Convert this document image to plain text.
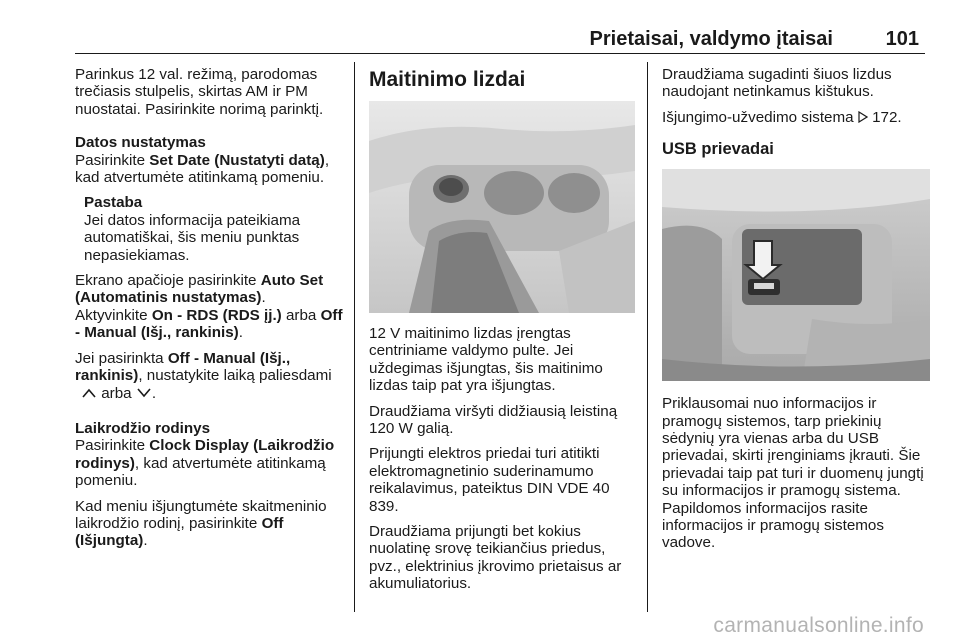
Prietaisai, valdymo įtaisai	101

Parinkus 12 val. režimą, parodomas trečiasis stulpelis, skirtas AM ir PM nuostatai. Pasirinkite norimą parinktį.

Datos nustatymas

Pasirinkite Set Date (Nustatyti datą), kad atvertumėte atitinkamą pomeniu.

Pastaba
Jei datos informacija pateikiama automatiškai, šis meniu punktas nepasiekiamas.

Ekrano apačioje pasirinkite Auto Set (Automatinis nustatymas).

Aktyvinkite On - RDS (RDS įj.) arba Off - Manual (Išj., rankinis).

Jei pasirinkta Off - Manual (Išj., rankinis), nustatykite laiką paliesdami
arba .

Laikrodžio rodinys

Pasirinkite Clock Display (Laikrodžio rodinys), kad atvertumėte atitinkamą pomeniu.

Kad meniu išjungtumėte skaitmeninio laikrodžio rodinį, pasirinkite Off (Išjungta).

Maitinimo lizdai

12 V maitinimo lizdas įrengtas centriniame valdymo pulte. Jei uždegimas išjungtas, šis maitinimo lizdas taip pat yra išjungtas.

Draudžiama viršyti didžiausią leistiną 120 W galią.

Prijungti elektros priedai turi atitikti elektromagnetinio suderinamumo reikalavimus, pateiktus DIN VDE 40 839.

Draudžiama prijungti bet kokius nuolatinę srovę teikiančius priedus, pvz., elektrinius įkrovimo prietaisus ar akumuliatorius.

Draudžiama sugadinti šiuos lizdus naudojant netinkamus kištukus.

Išjungimo-užvedimo sistema 172.

USB prievadai

Priklausomai nuo informacijos ir pramogų sistemos, tarp priekinių sėdynių yra vienas arba du USB prievadai, skirti įrenginiams įkrauti. Šie prievadai taip pat turi ir duomenų jungtį su informacijos ir pramogų sistema. Papildomos informacijos rasite informacijos ir pramogų sistemos vadove.

carmanualsonline.info
